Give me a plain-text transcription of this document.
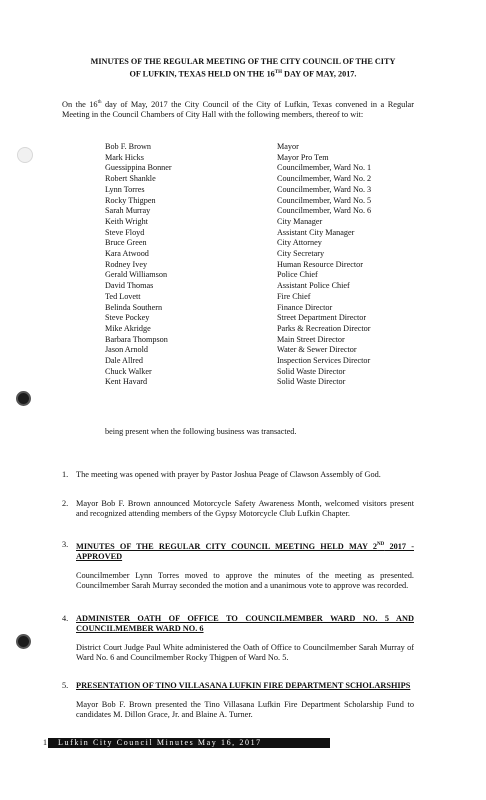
MINUTES OF THE REGULAR MEETING OF THE CITY COUNCIL OF THE CITY
OF LUFKIN, TEXAS HELD ON THE 16TH DAY OF MAY, 2017.
On the 16th day of May, 2017 the City Council of the City of Lufkin, Texas convened in a Regular Meeting in the Council Chambers of City Hall with the following members, thereof to wit:
Bob F. Brown	Mayor
Mark Hicks	Mayor Pro Tem
Guessippina Bonner	Councilmember, Ward No. 1
Robert Shankle	Councilmember, Ward No. 2
Lynn Torres	Councilmember, Ward No. 3
Rocky Thigpen	Councilmember, Ward No. 5
Sarah Murray	Councilmember, Ward No. 6
Keith Wright	City Manager
Steve Floyd	Assistant City Manager
Bruce Green	City Attorney
Kara Atwood	City Secretary
Rodney Ivey	Human Resource Director
Gerald Williamson	Police Chief
David Thomas	Assistant Police Chief
Ted Lovett	Fire Chief
Belinda Southern	Finance Director
Steve Pockey	Street Department Director
Mike Akridge	Parks & Recreation Director
Barbara Thompson	Main Street Director
Jason Arnold	Water & Sewer Director
Dale Allred	Inspection Services Director
Chuck Walker	Solid Waste Director
Kent Havard	Solid Waste Director
being present when the following business was transacted.
1. The meeting was opened with prayer by Pastor Joshua Peage of Clawson Assembly of God.

2. Mayor Bob F. Brown announced Motorcycle Safety Awareness Month, welcomed visitors present and recognized attending members of the Gypsy Motorcycle Club Lufkin Chapter.

3. MINUTES OF THE REGULAR CITY COUNCIL MEETING HELD MAY 2ND 2017 - APPROVED

Councilmember Lynn Torres moved to approve the minutes of the meeting as presented. Councilmember Sarah Murray seconded the motion and a unanimous vote to approve was recorded.

4. ADMINISTER OATH OF OFFICE TO COUNCILMEMBER WARD NO. 5 AND COUNCILMEMBER WARD NO. 6

District Court Judge Paul White administered the Oath of Office to Councilmember Sarah Murray of Ward No. 6 and Councilmember Rocky Thigpen of Ward No. 5.

5. PRESENTATION OF TINO VILLASANA LUFKIN FIRE DEPARTMENT SCHOLARSHIPS

Mayor Bob F. Brown presented the Tino Villasana Lufkin Fire Department Scholarship Fund to candidates M. Dillon Grace, Jr. and Blaine A. Turner.

1	Lufkin City Council Minutes May 16, 2017
